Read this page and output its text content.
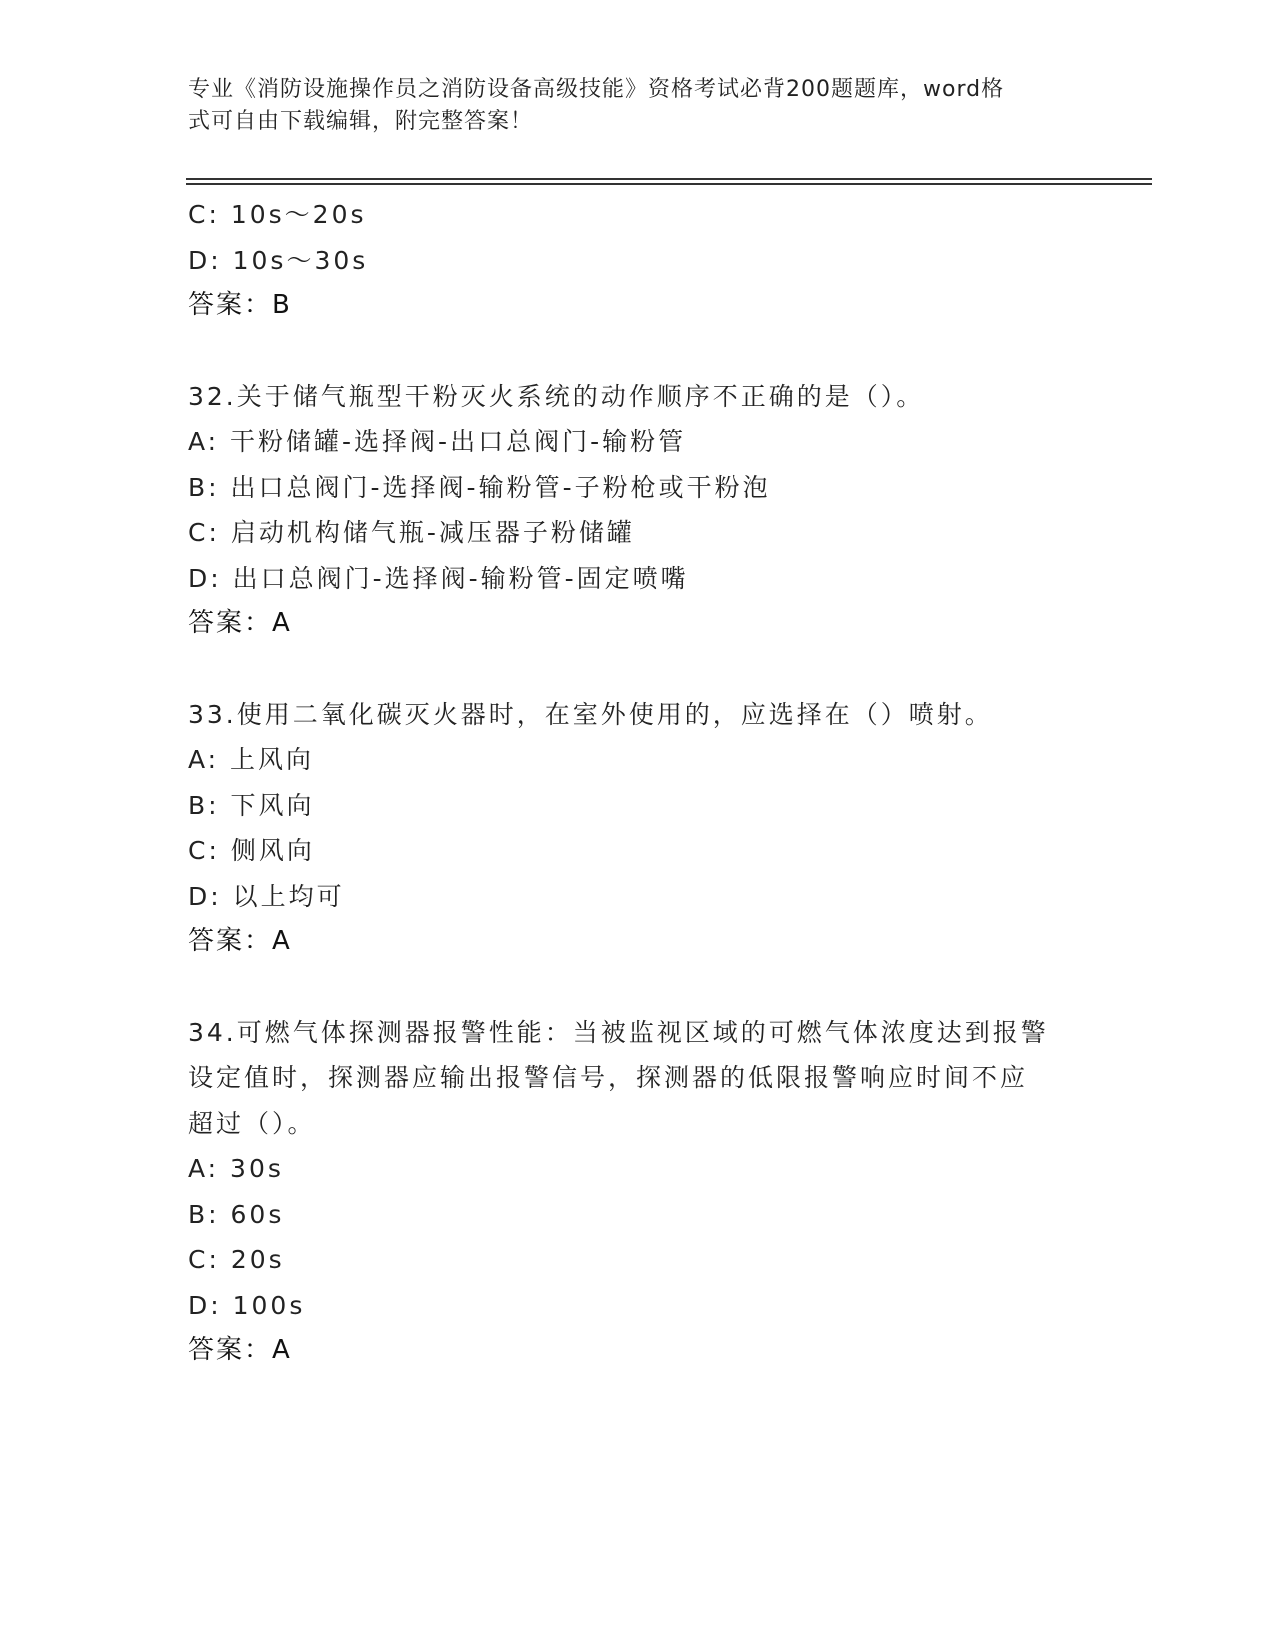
专业《消防设施操作员之消防设备高级技能》资格考试必背200题题库，word格
式可自由下载编辑，附完整答案！
C: 10s～20s
D: 10s～30s
答案：B
32.关于储气瓶型干粉灭火系统的动作顺序不正确的是（）。
A: 干粉储罐-选择阀-出口总阀门-输粉管
B: 出口总阀门-选择阀-输粉管-子粉枪或干粉泡
C: 启动机构储气瓶-减压器子粉储罐
D: 出口总阀门-选择阀-输粉管-固定喷嘴
答案：A
33.使用二氧化碳灭火器时，在室外使用的，应选择在（）喷射。
A: 上风向
B: 下风向
C: 侧风向
D: 以上均可
答案：A
34.可燃气体探测器报警性能：当被监视区域的可燃气体浓度达到报警
设定值时，探测器应输出报警信号，探测器的低限报警响应时间不应
超过（）。
A: 30s
B: 60s
C: 20s
D: 100s
答案：A
